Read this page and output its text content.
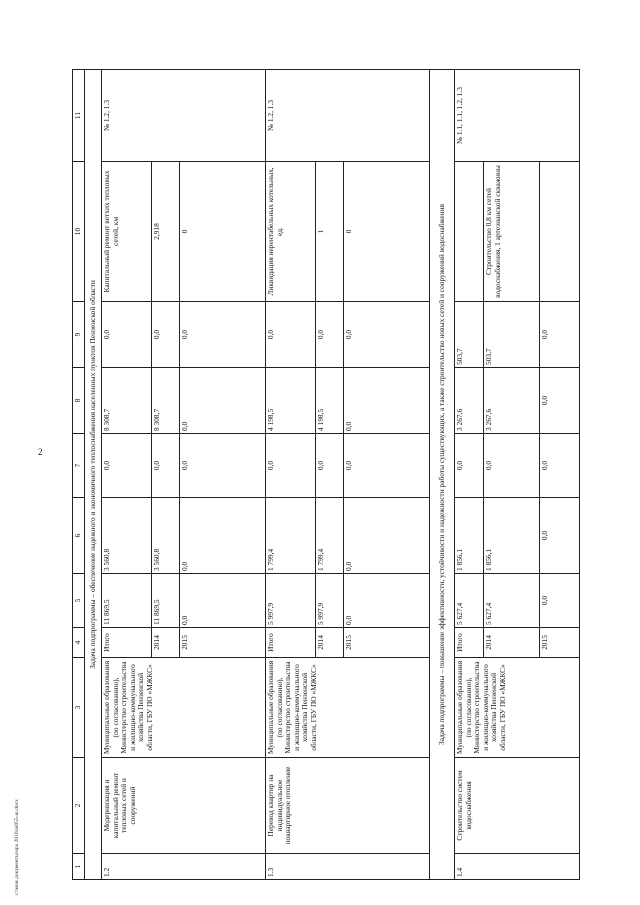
2
c:\мои документы\ора 2016\ш055-ш.docx	1	2	3	4	5	6	7	8	9	10	11
Задача подпрограммы – обеспечение надежного и экономичного теплоснабжения населенных пунктов Пензенской области										
1.2	Модернизация и капитальный ремонт тепловых сетей и сооружений	Муниципальные образования (по согласованию), Министерство строительства и жилищно-коммунального хозяйства Пензенской области, ГБУ ПО «МЖКС»	Итого	11 869,5	3 560,8	0,0	8 308,7	0,0	Капитальный ремонт ветхих тепловых сетей, км	№ 1.2, 1.3
			2014	11 869,5	3 560,8	0,0	8 308,7	0,0	2,918	
			2015	0,0	0,0	0,0	0,0	0,0	0	
1.3	Перевод квартир на индивидуальное поквартирное отопление	Муниципальные образования (по согласованию), Министерство строительства и жилищно-коммунального хозяйства Пензенской области, ГБУ ПО «МЖКС»	Итого	5 997,9	1 799,4	0,0	4 198,5	0,0	Ликвидация нерентабельных котельных, ед.	№ 1.2, 1.3
			2014	5 997,9	1 799,4	0,0	4 198,5	0,0	1	
			2015	0,0	0,0	0,0	0,0	0,0	0	
Задача подпрограммы – повышение эффективности, устойчивости и надежности работы существующих, а также строительство новых сетей и сооружений водоснабжения										
1.4	Строительство систем водоснабжения	Муниципальные образования (по согласованию), Министерство строительства и жилищно-коммунального хозяйства Пензенской области, ГБУ ПО «МЖКС»	Итого	5 627,4	1 856,1	0,0	3 267,6	503,7		№ 1.1, 1.1, 1.2, 1.3
			2014	5 627,4	1 856,1	0,0	3 267,6	503,7	Строительство 0,8 км сетей водоснабжения, 1 артезианской скважины	
			2015	0,0	0,0	0,0	0,0	0,0		
